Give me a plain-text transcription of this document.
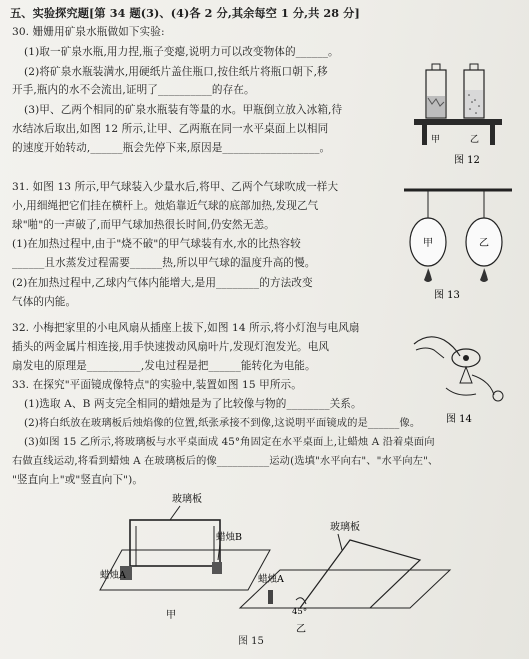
五、实验探究题[第 34 题(3)、(4)各 2 分,其余每空 1 分,共 28 分]
30. 姗姗用矿泉水瓶做如下实验:
(1)取一矿泉水瓶,用力捏,瓶子变瘪,说明力可以改变物体的______。
(2)将矿泉水瓶装满水,用硬纸片盖住瓶口,按住纸片将瓶口朝下,移
开手,瓶内的水不会流出,证明了__________的存在。
(3)甲、乙两个相同的矿泉水瓶装有等量的水。甲瓶倒立放入冰箱,待
水结冰后取出,如图 12 所示,让甲、乙两瓶在同一水平桌面上以相同
的速度开始转动,______瓶会先停下来,原因是__________________。
甲	乙
图 12
31. 如图 13 所示,甲气球装入少量水后,将甲、乙两个气球吹成一样大
小,用细绳把它们挂在横杆上。烛焰靠近气球的底部加热,发现乙气
球"啪"的一声破了,而甲气球加热很长时间,仍安然无恙。
(1)在加热过程中,由于"烧不破"的甲气球装有水,水的比热容较
______且水蒸发过程需要______热,所以甲气球的温度升高的慢。
(2)在加热过程中,乙球内气体内能增大,是用________的方法改变
气体的内能。
甲	乙
图 13
32. 小梅把家里的小电风扇从插座上拔下,如图 14 所示,将小灯泡与电风扇
插头的两金属片相连接,用手快速拨动风扇叶片,发现灯泡发光。电风
扇发电的原理是__________,发电过程是把______能转化为电能。
图 14
33. 在探究"平面镜成像特点"的实验中,装置如图 15 甲所示。
(1)选取 A、B 两支完全相同的蜡烛是为了比较像与物的________关系。
(2)将白纸放在玻璃板后烛焰像的位置,纸张承接不到像,这说明平面镜成的是______像。
(3)如图 15 乙所示,将玻璃板与水平桌面成 45°角固定在水平桌面上,让蜡烛 A 沿着桌面向
右做直线运动,将看到蜡烛 A 在玻璃板后的像__________运动(选填"水平向右"、"水平向左"、
"竖直向上"或"竖直向下")。
玻璃板
蜡烛B
蜡烛A
甲
玻璃板
蜡烛A
45°
乙
图 15
